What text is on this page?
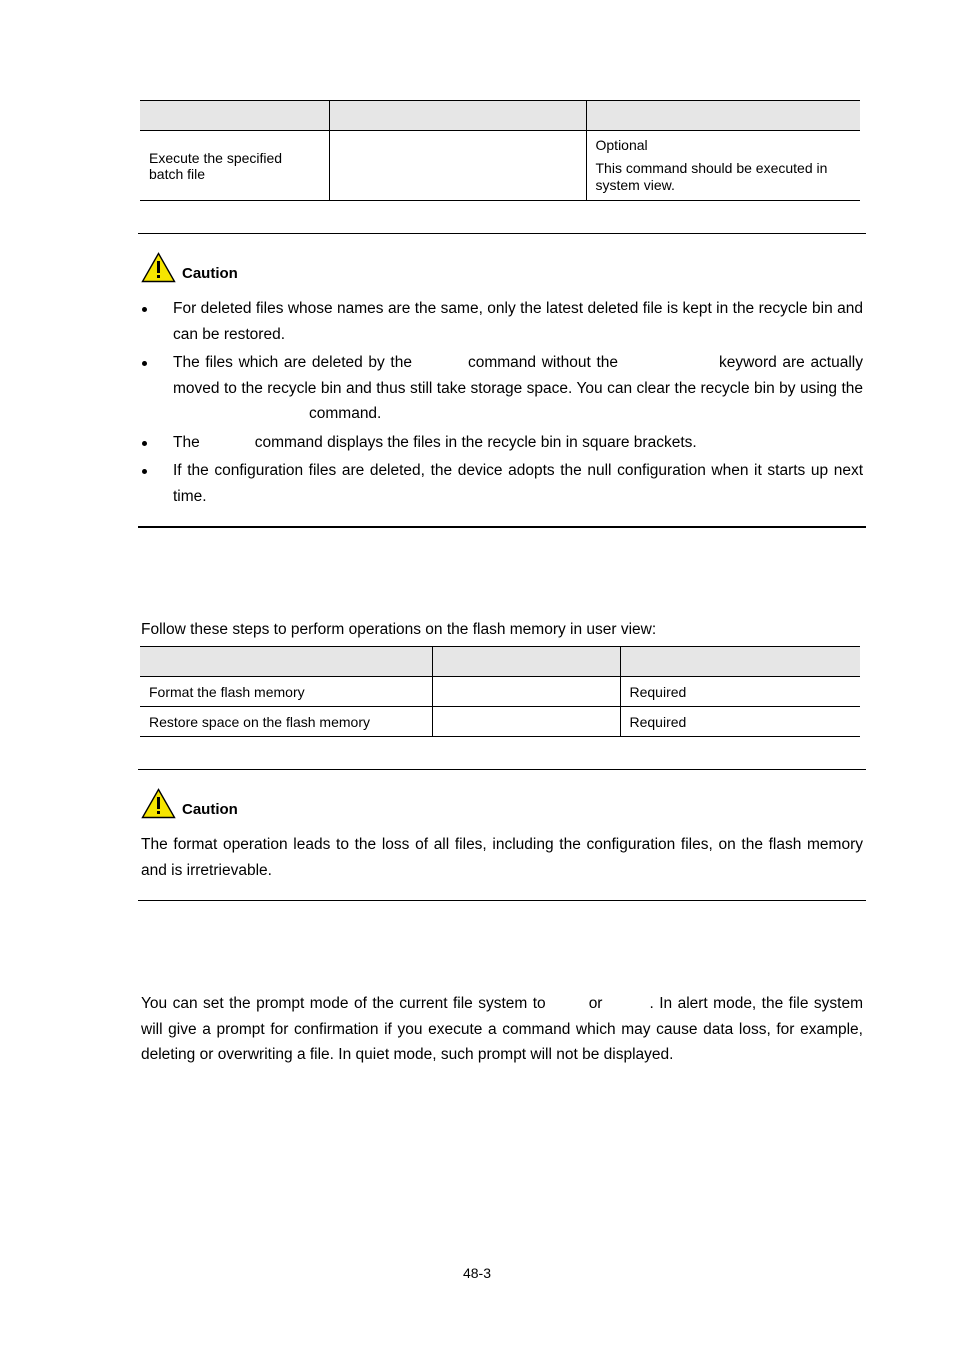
Execute the specified batch file		Optional
This command should be executed in system view.
Caution
For deleted files whose names are the same, only the latest deleted file is kept in the recycle bin and can be restored.
The files which are deleted by the	command without the	keyword are actually moved to the recycle bin and thus still take storage space. You can clear the recycle bin by using thecommand.
The	command displays the files in the recycle bin in square brackets.
If the configuration files are deleted, the device adopts the null configuration when it starts up next time.
Follow these steps to perform operations on the flash memory in user view:

Format the flash memory		Required
Restore space on the flash memory		Required
Caution
The format operation leads to the loss of all files, including the configuration files, on the flash memory and is irretrievable.
You can set the prompt mode of the current file system to	or	. In alert mode, the file system will give a prompt for confirmation if you execute a command which may cause data loss, for example, deleting or overwriting a file. In quiet mode, such prompt will not be displayed.
48-3
